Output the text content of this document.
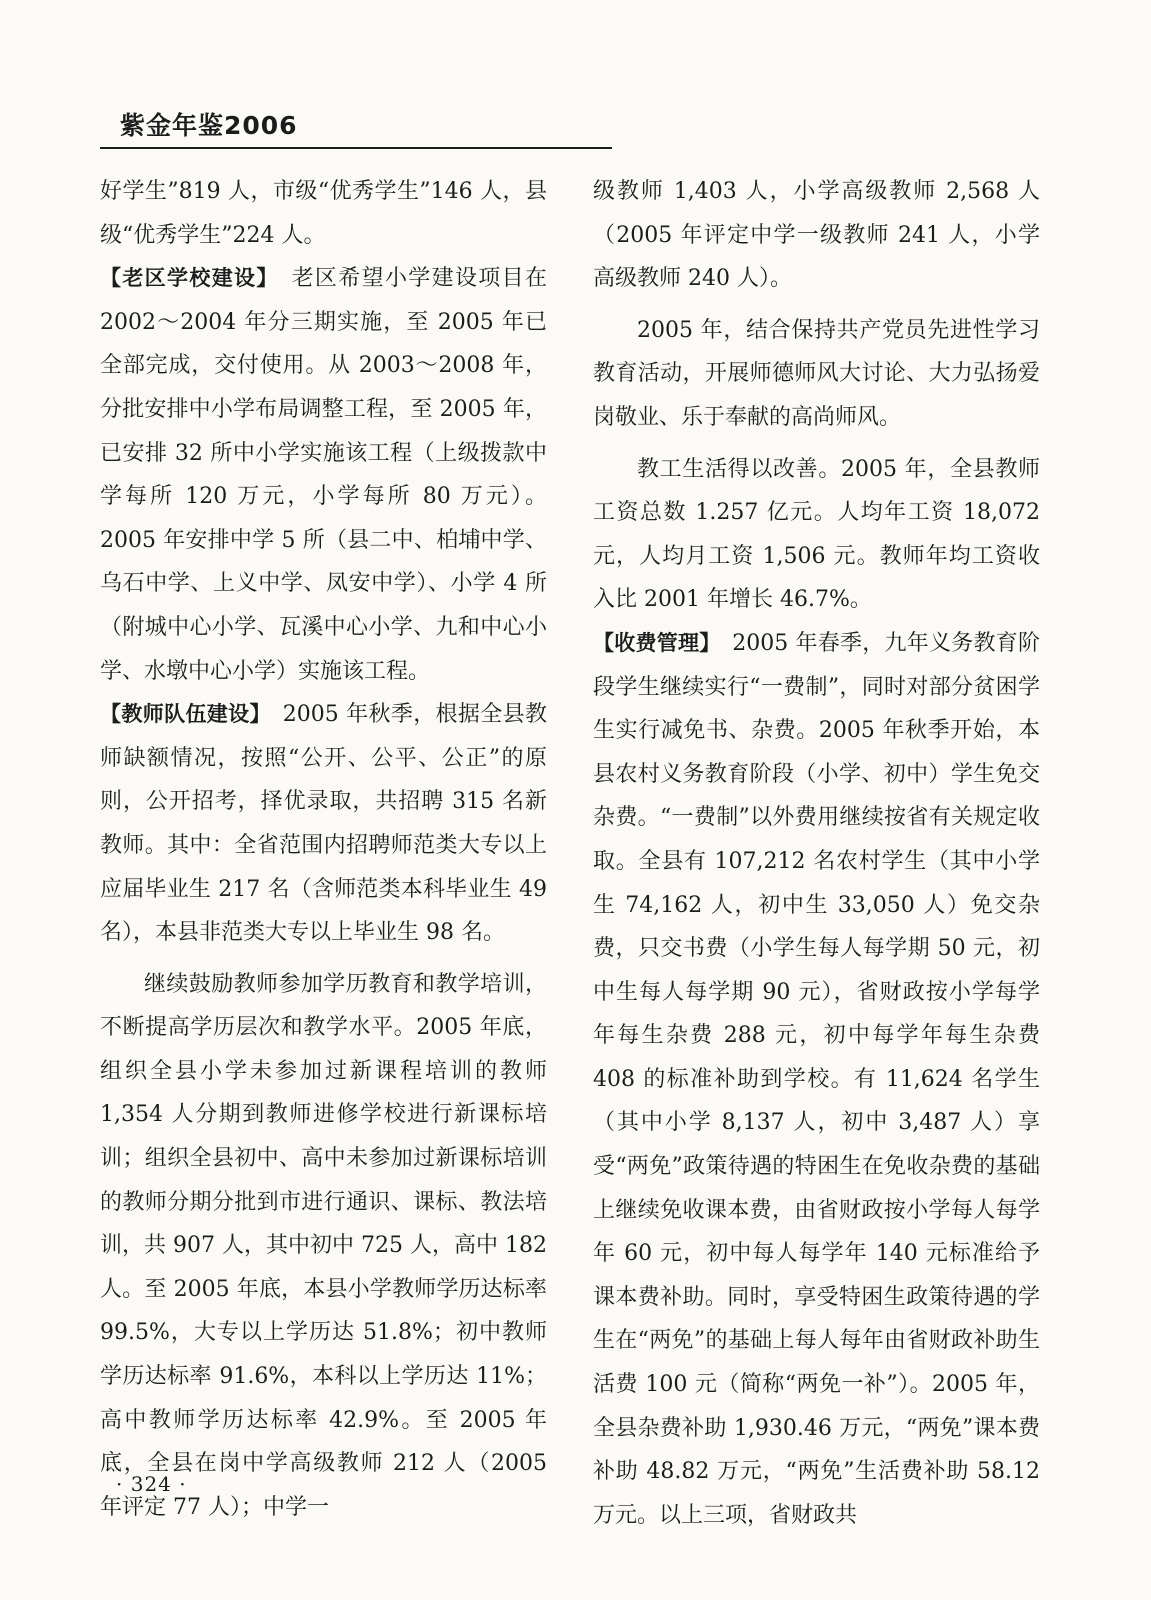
紫金年鉴2006

好学生”819 人，市级“优秀学生”146 人，县级“优秀学生”224 人。

【老区学校建设】　 老区希望小学建设项目在 2002～2004 年分三期实施，至 2005 年已全部完成，交付使用。从 2003～2008 年，分批安排中小学布局调整工程，至 2005 年，已安排 32 所中小学实施该工程（上级拨款中学每所 120 万元，小学每所 80 万元）。2005 年安排中学 5 所（县二中、柏埔中学、乌石中学、上义中学、凤安中学）、小学 4 所（附城中心小学、瓦溪中心小学、九和中心小学、水墩中心小学）实施该工程。

【教师队伍建设】　 2005 年秋季，根据全县教师缺额情况，按照“公开、公平、公正”的原则，公开招考，择优录取，共招聘 315 名新教师。其中：全省范围内招聘师范类大专以上应届毕业生 217 名（含师范类本科毕业生 49 名），本县非范类大专以上毕业生 98 名。

继续鼓励教师参加学历教育和教学培训，不断提高学历层次和教学水平。2005 年底，组织全县小学未参加过新课程培训的教师 1,354 人分期到教师进修学校进行新课标培训；组织全县初中、高中未参加过新课标培训的教师分期分批到市进行通识、课标、教法培训，共 907 人，其中初中 725 人，高中 182 人。至 2005 年底，本县小学教师学历达标率 99.5%，大专以上学历达 51.8%；初中教师学历达标率 91.6%，本科以上学历达 11%；高中教师学历达标率 42.9%。至 2005 年底，全县在岗中学高级教师 212 人（2005 年评定 77 人）；中学一

级教师 1,403 人，小学高级教师 2,568 人（2005 年评定中学一级教师 241 人，小学高级教师 240 人）。

2005 年，结合保持共产党员先进性学习教育活动，开展师德师风大讨论、大力弘扬爱岗敬业、乐于奉献的高尚师风。

教工生活得以改善。2005 年，全县教师工资总数 1.257 亿元。人均年工资 18,072 元，人均月工资 1,506 元。教师年均工资收入比 2001 年增长 46.7%。

【收费管理】　 2005 年春季，九年义务教育阶段学生继续实行“一费制”，同时对部分贫困学生实行减免书、杂费。2005 年秋季开始，本县农村义务教育阶段（小学、初中）学生免交杂费。“一费制”以外费用继续按省有关规定收取。全县有 107,212 名农村学生（其中小学生 74,162 人，初中生 33,050 人）免交杂费，只交书费（小学生每人每学期 50 元，初中生每人每学期 90 元），省财政按小学每学年每生杂费 288 元，初中每学年每生杂费 408 的标准补助到学校。有 11,624 名学生（其中小学 8,137 人，初中 3,487 人）享受“两免”政策待遇的特困生在免收杂费的基础上继续免收课本费，由省财政按小学每人每学年 60 元，初中每人每学年 140 元标准给予课本费补助。同时，享受特困生政策待遇的学生在“两免”的基础上每人每年由省财政补助生活费 100 元（简称“两免一补”）。2005 年，全县杂费补助 1,930.46 万元，“两免”课本费补助 48.82 万元，“两免”生活费补助 58.12 万元。以上三项，省财政共

· 324 ·
